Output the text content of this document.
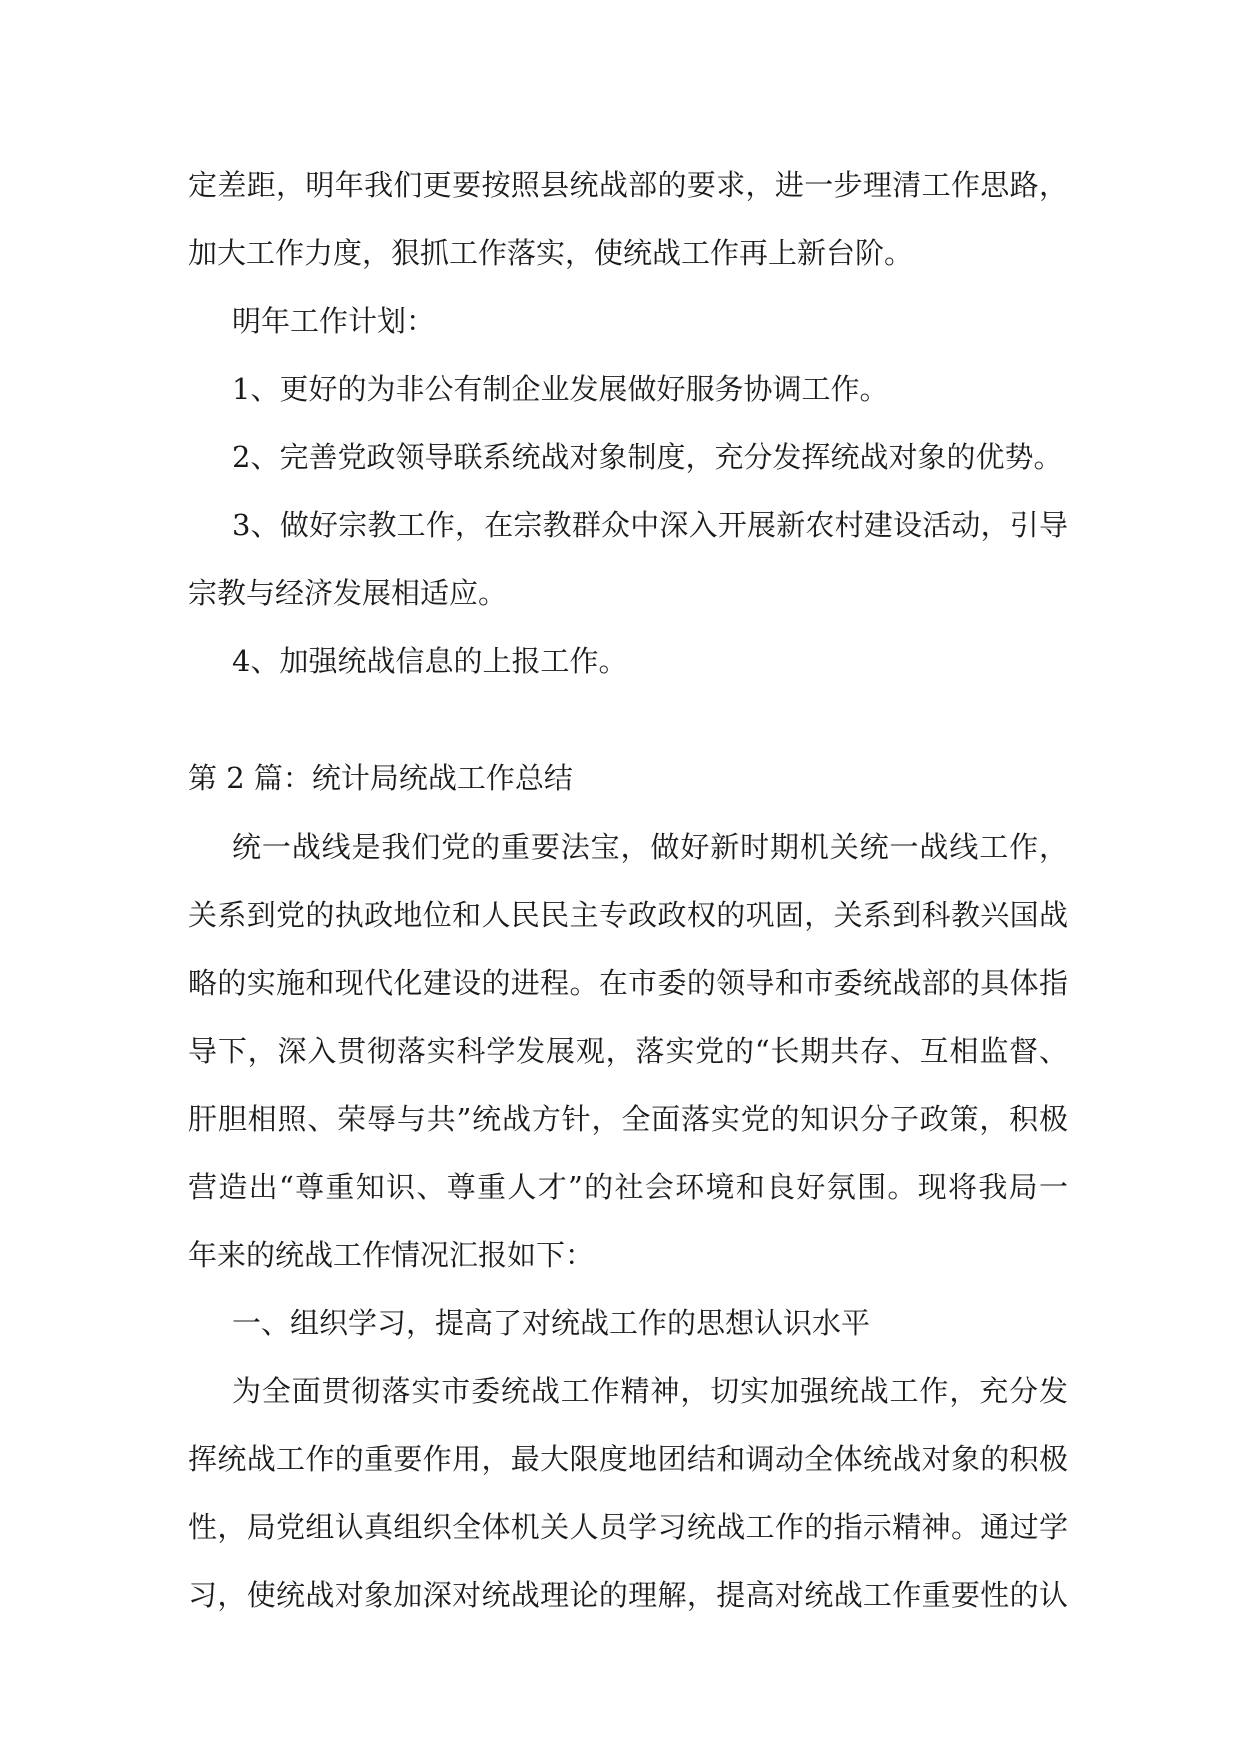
定差距，明年我们更要按照县统战部的要求，进一步理清工作思路，
加大工作力度，狠抓工作落实，使统战工作再上新台阶。
明年工作计划：
1、更好的为非公有制企业发展做好服务协调工作。
2、完善党政领导联系统战对象制度，充分发挥统战对象的优势。
3、做好宗教工作，在宗教群众中深入开展新农村建设活动，引导
宗教与经济发展相适应。
4、加强统战信息的上报工作。
第 2 篇：统计局统战工作总结
统一战线是我们党的重要法宝，做好新时期机关统一战线工作，
关系到党的执政地位和人民民主专政政权的巩固，关系到科教兴国战
略的实施和现代化建设的进程。在市委的领导和市委统战部的具体指
导下，深入贯彻落实科学发展观，落实党的“长期共存、互相监督、
肝胆相照、荣辱与共”统战方针，全面落实党的知识分子政策，积极
营造出“尊重知识、尊重人才”的社会环境和良好氛围。现将我局一
年来的统战工作情况汇报如下：
一、组织学习，提高了对统战工作的思想认识水平
为全面贯彻落实市委统战工作精神，切实加强统战工作，充分发
挥统战工作的重要作用，最大限度地团结和调动全体统战对象的积极
性，局党组认真组织全体机关人员学习统战工作的指示精神。通过学
习，使统战对象加深对统战理论的理解，提高对统战工作重要性的认
